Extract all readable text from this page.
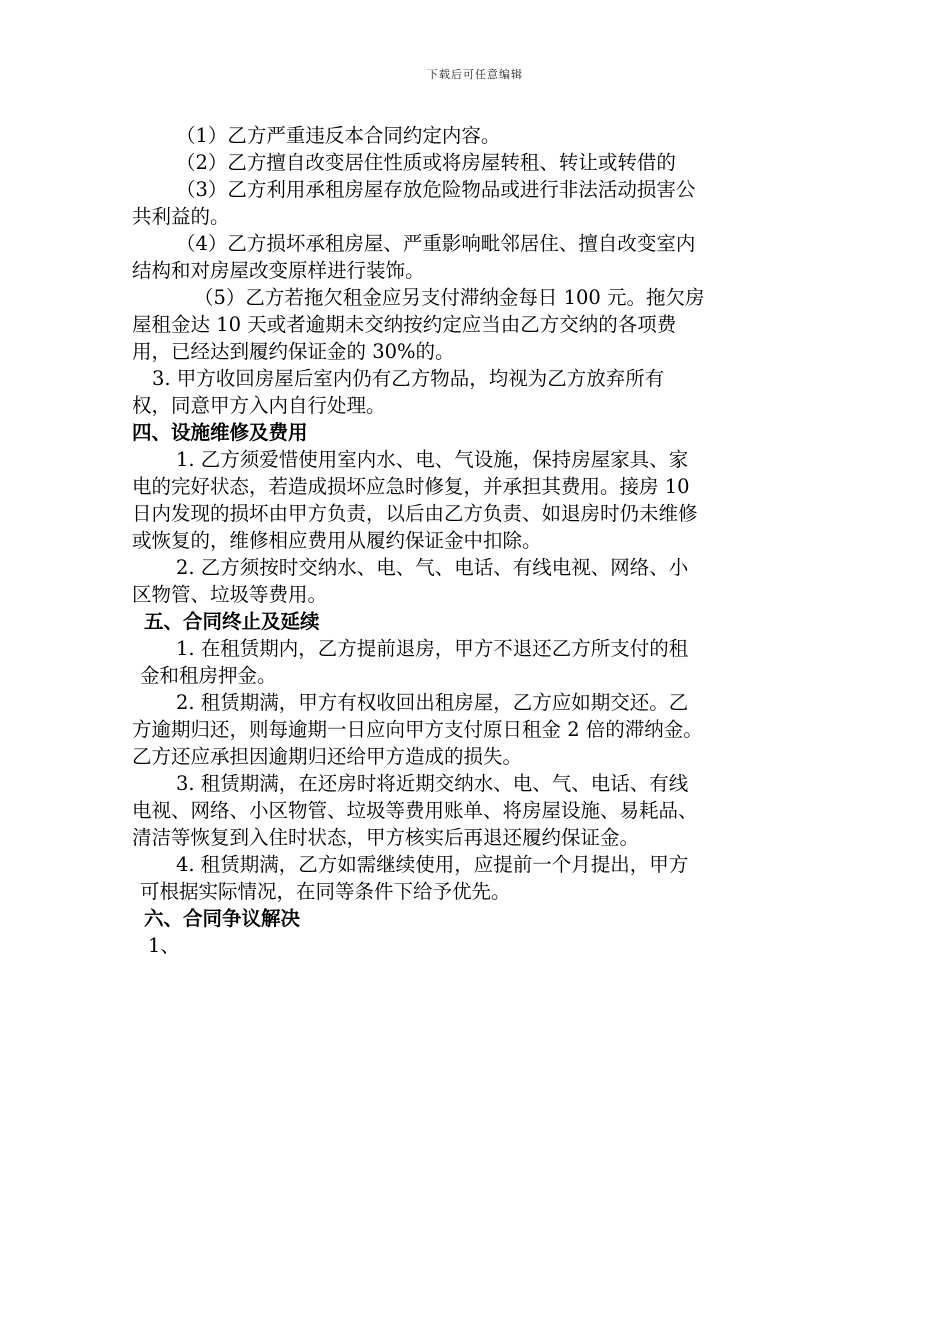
下载后可任意编辑
（1）乙方严重违反本合同约定内容。
（2）乙方擅自改变居住性质或将房屋转租、转让或转借的
（3）乙方利用承租房屋存放危险物品或进行非法活动损害公
共利益的。
（4）乙方损坏承租房屋、严重影响毗邻居住、擅自改变室内
结构和对房屋改变原样进行装饰。
（5）乙方若拖欠租金应另支付滞纳金每日 100 元。拖欠房
屋租金达 10 天或者逾期未交纳按约定应当由乙方交纳的各项费
用，已经达到履约保证金的 30%的。
3. 甲方收回房屋后室内仍有乙方物品，均视为乙方放弃所有
权，同意甲方入内自行处理。
四、设施维修及费用
1. 乙方须爱惜使用室内水、电、气设施，保持房屋家具、家
电的完好状态，若造成损坏应急时修复，并承担其费用。接房 10
日内发现的损坏由甲方负责，以后由乙方负责、如退房时仍未维修
或恢复的，维修相应费用从履约保证金中扣除。
2. 乙方须按时交纳水、电、气、电话、有线电视、网络、小
区物管、垃圾等费用。
五、合同终止及延续
1. 在租赁期内，乙方提前退房，甲方不退还乙方所支付的租
金和租房押金。
2. 租赁期满，甲方有权收回出租房屋，乙方应如期交还。乙
方逾期归还，则每逾期一日应向甲方支付原日租金 2 倍的滞纳金。
乙方还应承担因逾期归还给甲方造成的损失。
3. 租赁期满，在还房时将近期交纳水、电、气、电话、有线
电视、网络、小区物管、垃圾等费用账单、将房屋设施、易耗品、
清洁等恢复到入住时状态，甲方核实后再退还履约保证金。
4. 租赁期满，乙方如需继续使用，应提前一个月提出，甲方
可根据实际情况，在同等条件下给予优先。
六、合同争议解决
1、
